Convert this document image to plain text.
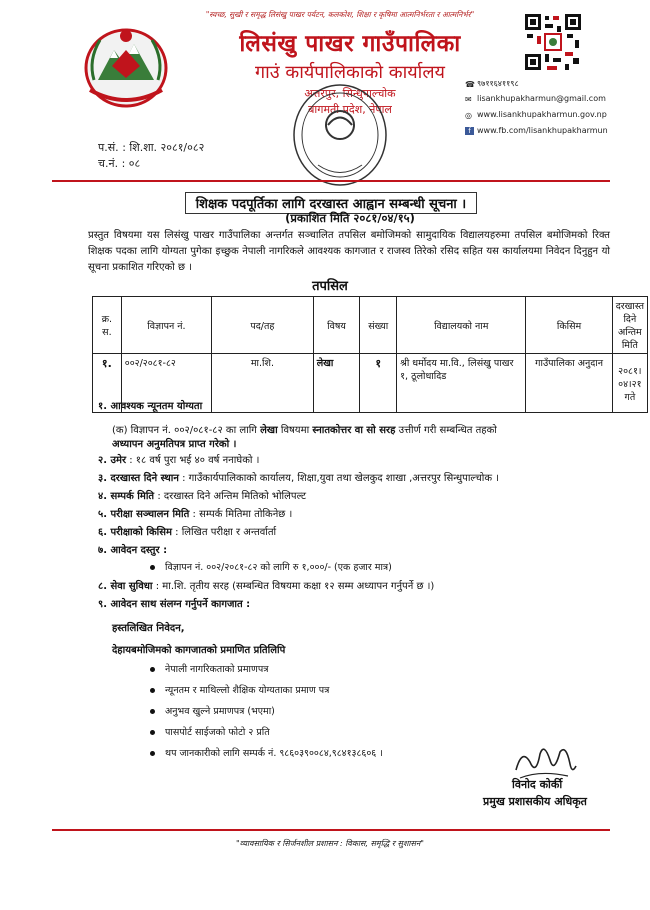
"स्वच्छ, सुखी र समृद्ध लिसंखु पाखर पर्यटन, कलकोश, शिक्षा र कृषिमा आत्मनिर्भरता र आत्मनिर्भर"
लिसंखु पाखर गाउँपालिका
गाउं कार्यपालिकाको कार्यालय
अत्तरपुर, सिन्धुपाल्चोक
बागमती प्रदेश, नेपाल
☎ ९७११६४११९८
✉ lisankhupakharmun@gmail.com
◎ www.lisankhupakharmun.gov.np
f www.fb.com/lisankhupakharmun
प.सं. : शि.शा. २०८१/०८२
च.नं. : ०८
शिक्षक पदपूर्तिका लागि दरखास्त आह्वान सम्बन्धी सूचना ।
(प्रकाशित मिति २०८१/०४/१५)
प्रस्तुत विषयमा यस लिसंखु पाखर गाउँपालिका अन्तर्गत सञ्चालित तपसिल बमोजिमको सामुदायिक विद्यालयहरुमा तपसिल बमोजिमको रिक्त शिक्षक पदका लागि योग्यता पुगेका इच्छुक नेपाली नागरिकले आवश्यक कागजात र राजस्व तिरेको रसिद सहित यस कार्यालयमा निवेदन दिनुहुन यो सूचना प्रकाशित गरिएको छ ।
तपसिल
क्र. स.	विज्ञापन नं.	पद/तह	विषय	संख्या	विद्यालयको नाम	किसिम	दरखास्त दिने अन्तिम मिति
१.	००२/२०८१-८२	मा.शि.	लेखा	१	श्री धर्मोदय मा.वि., लिसंखु पाखर १, ठूलोधादिड	गाउँपालिका अनुदान	२०८१।०४।२१ गते
१. आवश्यक न्यूनतम योग्यता
(क) विज्ञापन नं. ००२/०८१-८२ का लागि लेखा विषयमा स्नातकोत्तर वा सो सरह उत्तीर्ण गरी सम्बन्धित तहको
अध्यापन अनुमतिपत्र प्राप्त गरेको ।
२. उमेर : १८ वर्ष पुरा भई ४० वर्ष ननाघेको ।
३. दरखास्त दिने स्थान : गाउँकार्यपालिकाको कार्यालय, शिक्षा,युवा तथा खेलकुद शाखा ,अत्तरपुर सिन्धुपाल्चोक ।
४. सम्पर्क मिति : दरखास्त दिने अन्तिम मितिको भोलिपल्ट
५. परीक्षा सञ्चालन मिति : सम्पर्क मितिमा तोकिनेछ ।
६. परीक्षाको किसिम : लिखित परीक्षा र अन्तर्वार्ता
७. आवेदन दस्तुर :
विज्ञापन नं. ००२/२०८१-८२ को लागि रु १,०००/- (एक हजार मात्र)
८. सेवा सुविधा : मा.शि. तृतीय सरह (सम्बन्धित विषयमा कक्षा १२ सम्म अध्यापन गर्नुपर्ने छ ।)
९. आवेदन साथ संलग्न गर्नुपर्ने कागजात :
हस्तलिखित निवेदन,
देहायबमोजिमको कागजातको प्रमाणित प्रतिलिपि
नेपाली नागरिकताको प्रमाणपत्र
न्यूनतम र माथिल्लो शैक्षिक योग्यताका प्रमाण पत्र
अनुभव खुल्ने प्रमाणपत्र (भएमा)
पासपोर्ट साईजको फोटो २ प्रति
थप जानकारीको लागि सम्पर्क नं. ९८६०३९००८४,९८४१३८६०६ ।
विनोद कोर्की
प्रमुख प्रशासकीय अधिकृत
"व्यावसायिक र सिर्जनशील प्रशासन : विकास, समृद्धि र सुशासन"
